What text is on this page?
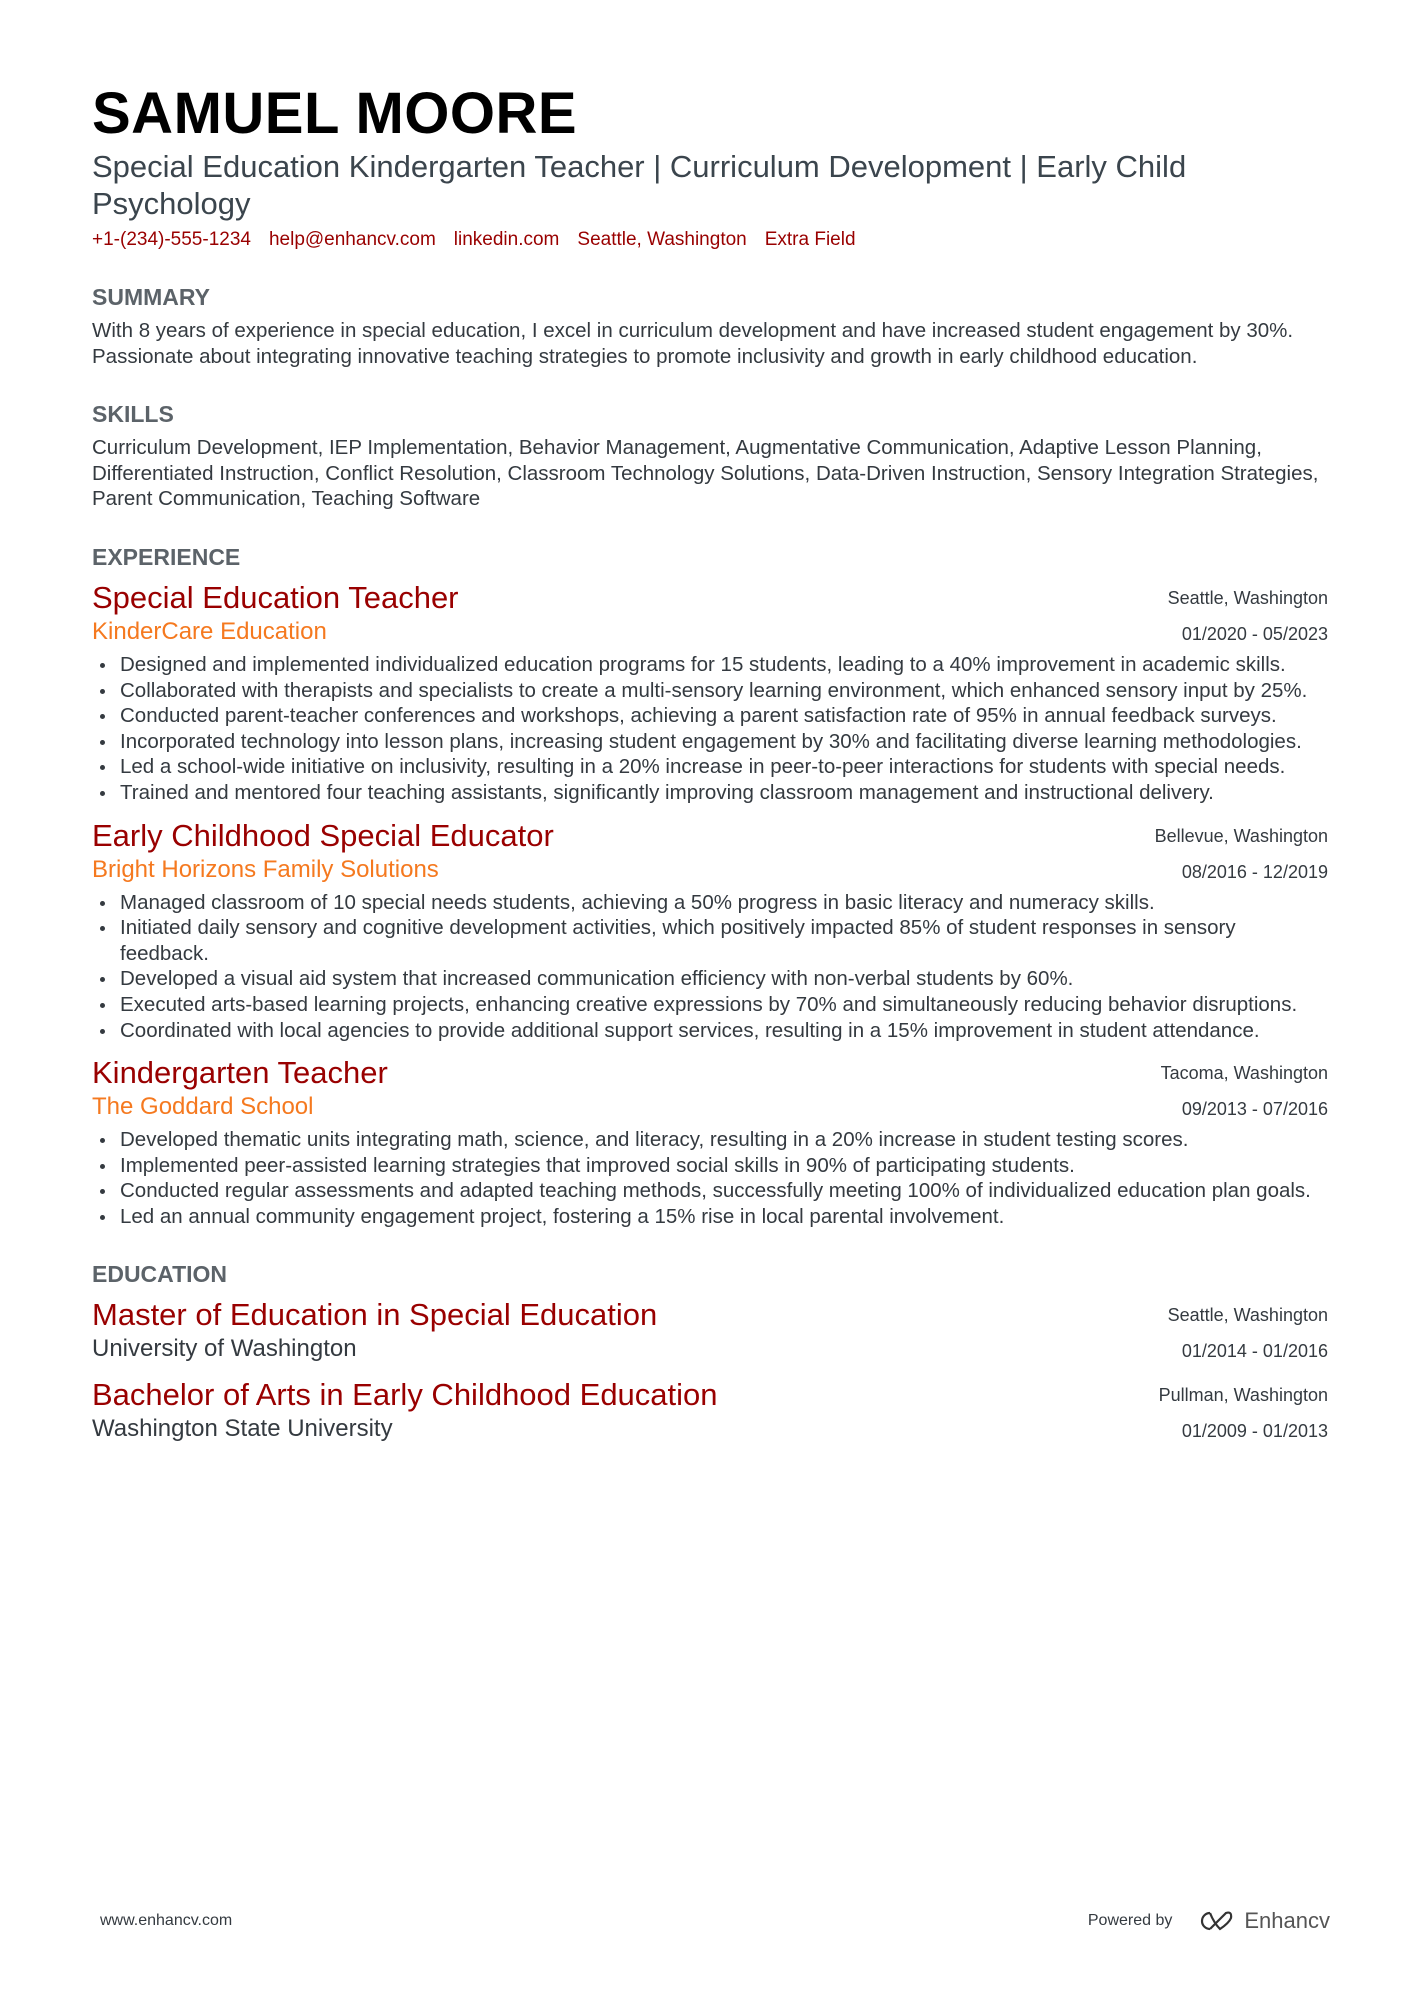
SAMUEL MOORE
Special Education Kindergarten Teacher | Curriculum Development | Early Child Psychology
+1-(234)-555-1234 help@enhancv.com linkedin.com Seattle, Washington Extra Field
SUMMARY
With 8 years of experience in special education, I excel in curriculum development and have increased student engagement by 30%. Passionate about integrating innovative teaching strategies to promote inclusivity and growth in early childhood education.
SKILLS
Curriculum Development, IEP Implementation, Behavior Management, Augmentative Communication, Adaptive Lesson Planning, Differentiated Instruction, Conflict Resolution, Classroom Technology Solutions, Data-Driven Instruction, Sensory Integration Strategies, Parent Communication, Teaching Software
EXPERIENCE
Special Education Teacher
KinderCare Education
Seattle, Washington
01/2020 - 05/2023
Designed and implemented individualized education programs for 15 students, leading to a 40% improvement in academic skills.
Collaborated with therapists and specialists to create a multi-sensory learning environment, which enhanced sensory input by 25%.
Conducted parent-teacher conferences and workshops, achieving a parent satisfaction rate of 95% in annual feedback surveys.
Incorporated technology into lesson plans, increasing student engagement by 30% and facilitating diverse learning methodologies.
Led a school-wide initiative on inclusivity, resulting in a 20% increase in peer-to-peer interactions for students with special needs.
Trained and mentored four teaching assistants, significantly improving classroom management and instructional delivery.
Early Childhood Special Educator
Bright Horizons Family Solutions
Bellevue, Washington
08/2016 - 12/2019
Managed classroom of 10 special needs students, achieving a 50% progress in basic literacy and numeracy skills.
Initiated daily sensory and cognitive development activities, which positively impacted 85% of student responses in sensory feedback.
Developed a visual aid system that increased communication efficiency with non-verbal students by 60%.
Executed arts-based learning projects, enhancing creative expressions by 70% and simultaneously reducing behavior disruptions.
Coordinated with local agencies to provide additional support services, resulting in a 15% improvement in student attendance.
Kindergarten Teacher
The Goddard School
Tacoma, Washington
09/2013 - 07/2016
Developed thematic units integrating math, science, and literacy, resulting in a 20% increase in student testing scores.
Implemented peer-assisted learning strategies that improved social skills in 90% of participating students.
Conducted regular assessments and adapted teaching methods, successfully meeting 100% of individualized education plan goals.
Led an annual community engagement project, fostering a 15% rise in local parental involvement.
EDUCATION
Master of Education in Special Education
University of Washington
Seattle, Washington
01/2014 - 01/2016
Bachelor of Arts in Early Childhood Education
Washington State University
Pullman, Washington
01/2009 - 01/2013
www.enhancv.com	Powered by	Enhancv
